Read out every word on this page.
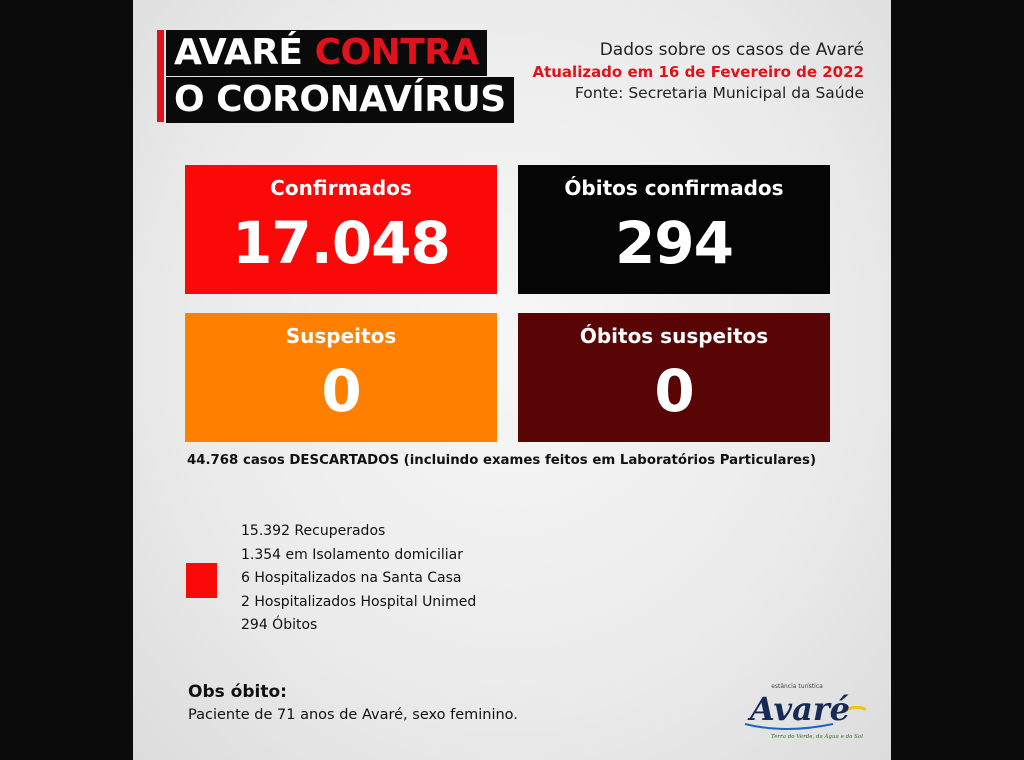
AVARÉ CONTRA
O CORONAVÍRUS
Dados sobre os casos de Avaré
Atualizado em 16 de Fevereiro de 2022
Fonte: Secretaria Municipal da Saúde
Confirmados
17.048
Óbitos confirmados
294
Suspeitos
0
Óbitos suspeitos
0
44.768 casos DESCARTADOS (incluindo exames feitos em Laboratórios Particulares)
15.392 Recuperados
1.354 em Isolamento domiciliar
6 Hospitalizados na Santa Casa
2 Hospitalizados Hospital Unimed
294 Óbitos
Obs óbito:
Paciente de 71 anos de Avaré, sexo feminino.
estância turística
Avaré
Terra do Verde, da Água e do Sol
